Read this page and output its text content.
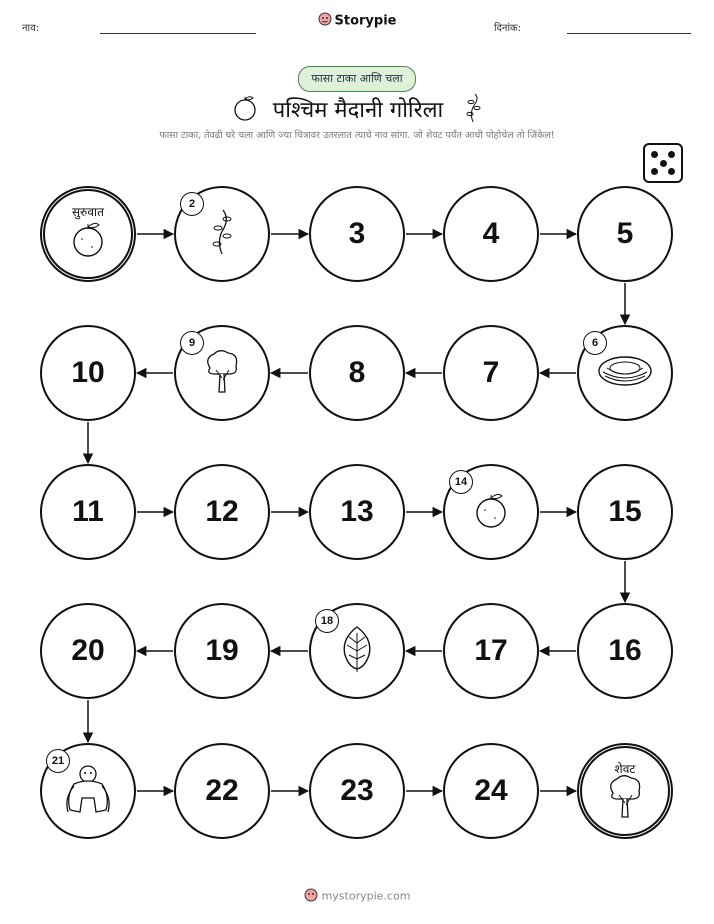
नाव:	Storypie	दिनांक:
फासा टाका आणि चला
पश्चिम मैदानी गोरिला
फासा टाका, तेवढी घरे चला आणि ज्या चित्रावर उतरलात त्याचे नाव सांगा. जो शेवट पर्यंत आधी पोहोचेल तो जिंकेल!
सुरुवात
2
3	4	5
6
7
8
9
10
11	12	13
14
15
16
17
18
19
20
21
22	23	24
शेवट
mystorypie.com
